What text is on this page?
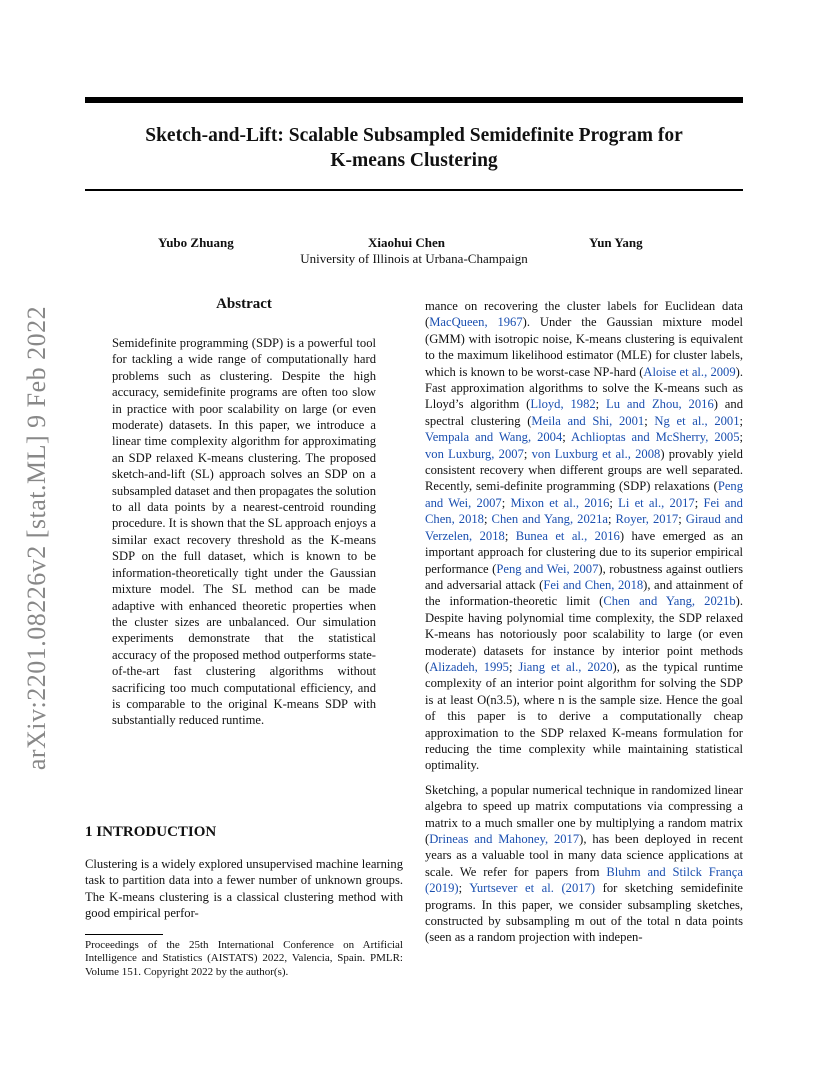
Sketch-and-Lift: Scalable Subsampled Semidefinite Program for
K-means Clustering
Yubo Zhuang	Xiaohui Chen	Yun Yang
University of Illinois at Urbana-Champaign
arXiv:2201.08226v2 [stat.ML] 9 Feb 2022
Abstract
Semidefinite programming (SDP) is a powerful tool for tackling a wide range of computationally hard problems such as clustering. Despite the high accuracy, semidefinite programs are often too slow in practice with poor scalability on large (or even moderate) datasets. In this paper, we introduce a linear time complexity algorithm for approximating an SDP relaxed K-means clustering. The proposed sketch-and-lift (SL) approach solves an SDP on a subsampled dataset and then propagates the solution to all data points by a nearest-centroid rounding procedure. It is shown that the SL approach enjoys a similar exact recovery threshold as the K-means SDP on the full dataset, which is known to be information-theoretically tight under the Gaussian mixture model. The SL method can be made adaptive with enhanced theoretic properties when the cluster sizes are unbalanced. Our simulation experiments demonstrate that the statistical accuracy of the proposed method outperforms state-of-the-art fast clustering algorithms without sacrificing too much computational efficiency, and is comparable to the original K-means SDP with substantially reduced runtime.
1 INTRODUCTION
Clustering is a widely explored unsupervised machine learning task to partition data into a fewer number of unknown groups. The K-means clustering is a classical clustering method with good empirical perfor-
Proceedings of the 25th International Conference on Artificial Intelligence and Statistics (AISTATS) 2022, Valencia, Spain. PMLR: Volume 151. Copyright 2022 by the author(s).

mance on recovering the cluster labels for Euclidean data (MacQueen, 1967). Under the Gaussian mixture model (GMM) with isotropic noise, K-means clustering is equivalent to the maximum likelihood estimator (MLE) for cluster labels, which is known to be worst-case NP-hard (Aloise et al., 2009). Fast approximation algorithms to solve the K-means such as Lloyd’s algorithm (Lloyd, 1982; Lu and Zhou, 2016) and spectral clustering (Meila and Shi, 2001; Ng et al., 2001; Vempala and Wang, 2004; Achlioptas and McSherry, 2005; von Luxburg, 2007; von Luxburg et al., 2008) provably yield consistent recovery when different groups are well separated. Recently, semi-definite programming (SDP) relaxations (Peng and Wei, 2007; Mixon et al., 2016; Li et al., 2017; Fei and Chen, 2018; Chen and Yang, 2021a; Royer, 2017; Giraud and Verzelen, 2018; Bunea et al., 2016) have emerged as an important approach for clustering due to its superior empirical performance (Peng and Wei, 2007), robustness against outliers and adversarial attack (Fei and Chen, 2018), and attainment of the information-theoretic limit (Chen and Yang, 2021b). Despite having polynomial time complexity, the SDP relaxed K-means has notoriously poor scalability to large (or even moderate) datasets for instance by interior point methods (Alizadeh, 1995; Jiang et al., 2020), as the typical runtime complexity of an interior point algorithm for solving the SDP is at least O(n3.5), where n is the sample size. Hence the goal of this paper is to derive a computationally cheap approximation to the SDP relaxed K-means formulation for reducing the time complexity while maintaining statistical optimality.

Sketching, a popular numerical technique in randomized linear algebra to speed up matrix computations via compressing a matrix to a much smaller one by multiplying a random matrix (Drineas and Mahoney, 2017), has been deployed in recent years as a valuable tool in many data science applications at scale. We refer for papers from Bluhm and Stilck França (2019); Yurtsever et al. (2017) for sketching semidefinite programs. In this paper, we consider subsampling sketches, constructed by subsampling m out of the total n data points (seen as a random projection with indepen-
